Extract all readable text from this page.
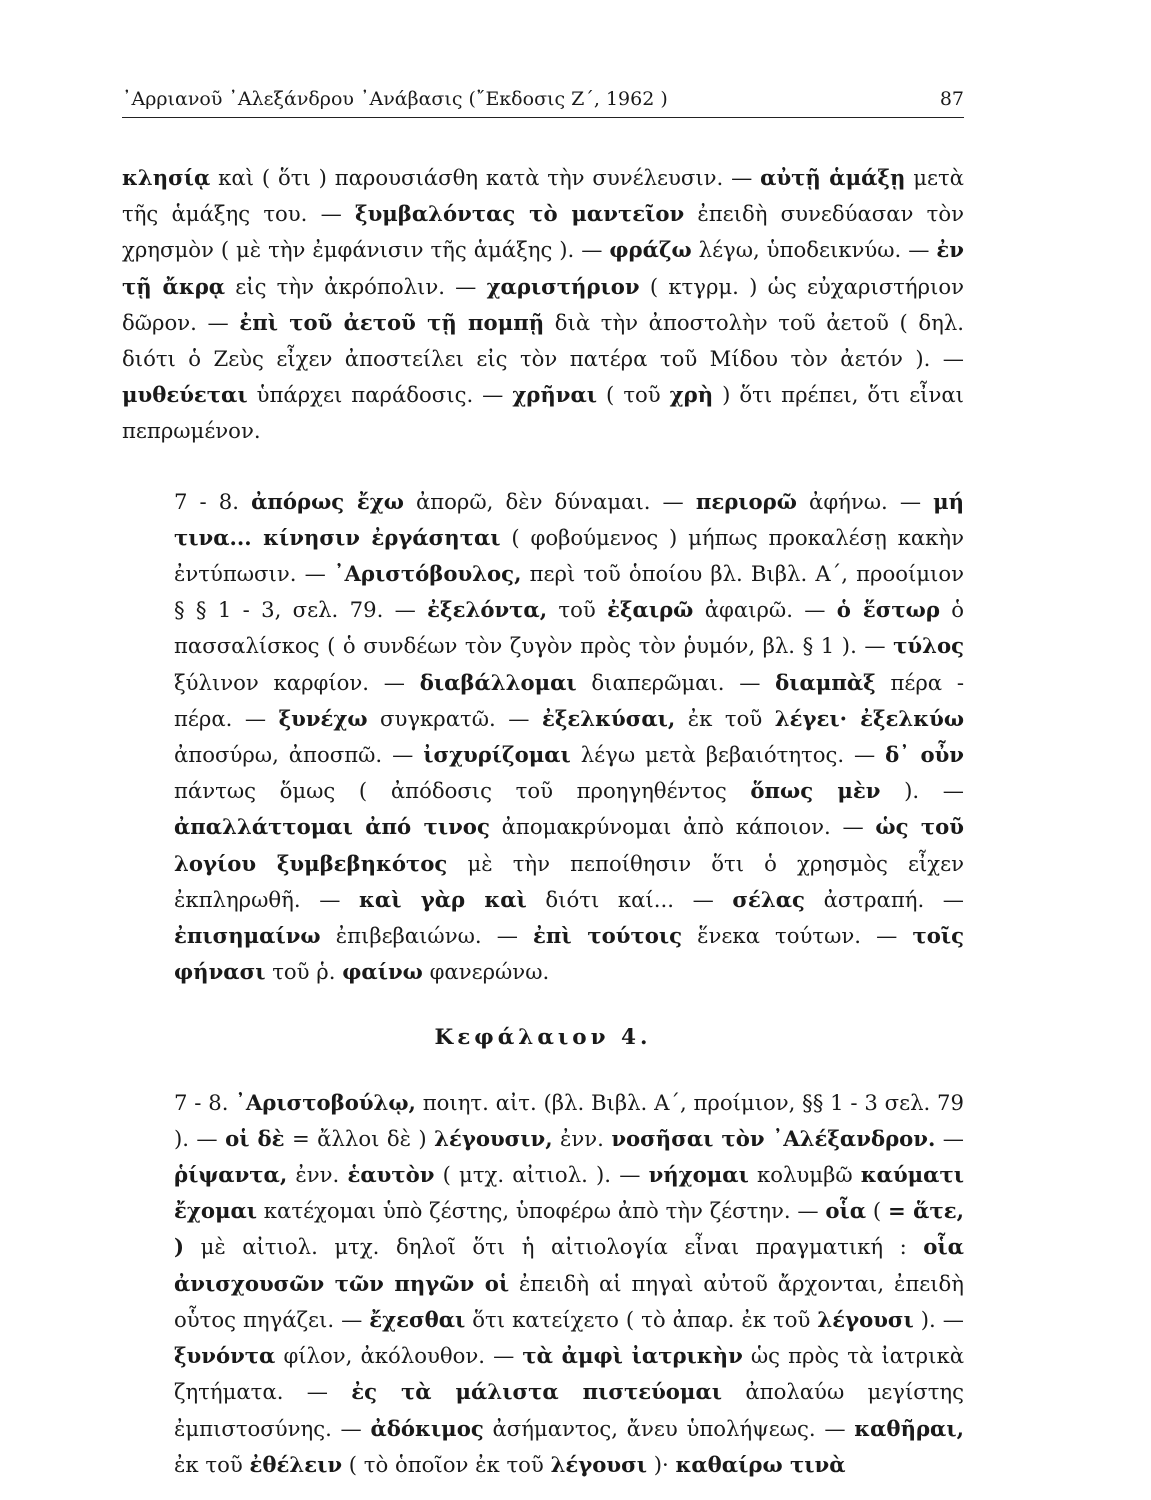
᾽Αρριανοῦ ᾽Αλεξάνδρου ᾽Ανάβασις (῎Εκδοσις Ζ΄, 1962 )	87

κλησίᾳ καὶ ( ὅτι ) παρουσιάσθη κατὰ τὴν συνέλευσιν. — αὐτῇ ἁμάξῃ μετὰ τῆς ἁμάξης του. — ξυμβαλόντας τὸ μαντεῖον ἐπειδὴ συνεδύασαν τὸν χρησμὸν ( μὲ τὴν ἐμφάνισιν τῆς ἁμάξης ). — φράζω λέγω, ὑποδεικνύω. — ἐν τῇ ἄκρᾳ εἰς τὴν ἀκρόπολιν. — χαριστήριον ( κτγρμ. ) ὡς εὐχαριστήριον δῶρον. — ἐπὶ τοῦ ἀετοῦ τῇ πομπῇ διὰ τὴν ἀποστολὴν τοῦ ἀετοῦ ( δηλ. διότι ὁ Ζεὺς εἶχεν ἀποστείλει εἰς τὸν πατέρα τοῦ Μίδου τὸν ἀετόν ). — μυθεύεται ὑπάρχει παράδοσις. — χρῆναι ( τοῦ χρὴ ) ὅτι πρέπει, ὅτι εἶναι πεπρωμένον.

7 - 8. ἀπόρως ἔχω ἀπορῶ, δὲν δύναμαι. — περιορῶ ἀφήνω. — μή τινα... κίνησιν ἐργάσηται ( φοβούμενος ) μήπως προκαλέσῃ κακὴν ἐντύπωσιν. — ᾽Αριστόβουλος, περὶ τοῦ ὁποίου βλ. Βιβλ. Α΄, προοίμιον § § 1 - 3, σελ. 79. — ἐξελόντα, τοῦ ἐξαιρῶ ἀφαιρῶ. — ὁ ἕστωρ ὁ πασσαλίσκος ( ὁ συνδέων τὸν ζυγὸν πρὸς τὸν ῥυμόν, βλ. § 1 ). — τύλος ξύλινον καρφίον. — διαβάλλομαι διαπερῶμαι. — διαμπὰξ πέρα - πέρα. — ξυνέχω συγκρατῶ. — ἐξελκύσαι, ἐκ τοῦ λέγει· ἐξελκύω ἀποσύρω, ἀποσπῶ. — ἰσχυρίζομαι λέγω μετὰ βεβαιότητος. — δ᾽ οὖν πάντως ὅμως ( ἀπόδοσις τοῦ προηγηθέντος ὅπως μὲν ). — ἀπαλλάττομαι ἀπό τινος ἀπομακρύνομαι ἀπὸ κάποιον. — ὡς τοῦ λογίου ξυμβεβηκότος μὲ τὴν πεποίθησιν ὅτι ὁ χρησμὸς εἶχεν ἐκπληρωθῆ. — καὶ γὰρ καὶ διότι καί... — σέλας ἀστραπή. — ἐπισημαίνω ἐπιβεβαιώνω. — ἐπὶ τούτοις ἕνεκα τούτων. — τοῖς φήνασι τοῦ ῥ. φαίνω φανερώνω.

Κεφάλαιον 4.

7 - 8. ᾽Αριστοβούλῳ, ποιητ. αἰτ. (βλ. Βιβλ. Α΄, προίμιον, §§ 1 - 3 σελ. 79 ). — οἱ δὲ = ἄλλοι δὲ ) λέγουσιν, ἐνν. νοσῆσαι τὸν ᾽Αλέξανδρον. — ῥίψαντα, ἐνν. ἑαυτὸν ( μτχ. αἰτιολ. ). — νήχομαι κολυμβῶ καύματι ἔχομαι κατέχομαι ὑπὸ ζέστης, ὑποφέρω ἀπὸ τὴν ζέστην. — οἷα ( = ἅτε, ) μὲ αἰτιολ. μτχ. δηλοῖ ὅτι ἡ αἰτιολογία εἶναι πραγματική : οἷα ἀνισχουσῶν τῶν πηγῶν οἱ ἐπειδὴ αἱ πηγαὶ αὐτοῦ ἄρχονται, ἐπειδὴ οὗτος πηγάζει. — ἔχεσθαι ὅτι κατείχετο ( τὸ ἀπαρ. ἐκ τοῦ λέγουσι ). — ξυνόντα φίλον, ἀκόλουθον. — τὰ ἀμφὶ ἰατρικὴν ὡς πρὸς τὰ ἰατρικὰ ζητήματα. — ἐς τὰ μάλιστα πιστεύομαι ἀπολαύω μεγίστης ἐμπιστοσύνης. — ἀδόκιμος ἀσήμαντος, ἄνευ ὑπολήψεως. — καθῆραι, ἐκ τοῦ ἐθέλειν ( τὸ ὁποῖον ἐκ τοῦ λέγουσι )· καθαίρω τινὰ
